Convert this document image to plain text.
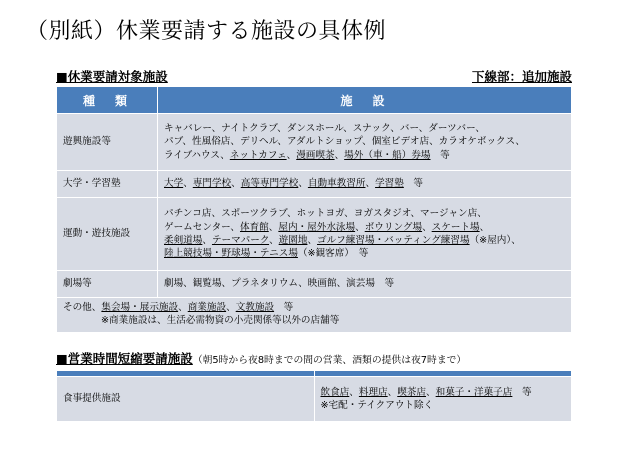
（別紙）休業要請する施設の具体例
■休業要請対象施設	下線部：追加施設
種　類	施　設
遊興施設等	キャバレー、ナイトクラブ、ダンスホール、スナック、バー、ダーツバー、
パブ、性風俗店、デリヘル、アダルトショップ、個室ビデオ店、カラオケボックス、
ライブハウス、ネットカフェ、漫画喫茶、場外（車・船）券場　等

大学・学習塾	大学、専門学校、高等専門学校、自動車教習所、学習塾　等

運動・遊技施設	パチンコ店、スポーツクラブ、ホットヨガ、ヨガスタジオ、マージャン店、
ゲームセンター、体育館、屋内・屋外水泳場、ボウリング場、スケート場、
柔剣道場、テーマパーク、遊園地、ゴルフ練習場・バッティング練習場（※屋内）、
陸上競技場・野球場・テニス場（※観客席）　等

劇場等	劇場、観覧場、プラネタリウム、映画館、演芸場　等

その他、集会場・展示施設、商業施設、文教施設　等
※商業施設は、生活必需物資の小売関係等以外の店舗等	
■営業時間短縮要請施設（朝5時から夜8時までの間の営業、酒類の提供は夜7時まで）

食事提供施設	飲食店、料理店、喫茶店、和菓子・洋菓子店　等
※宅配・テイクアウト除く
